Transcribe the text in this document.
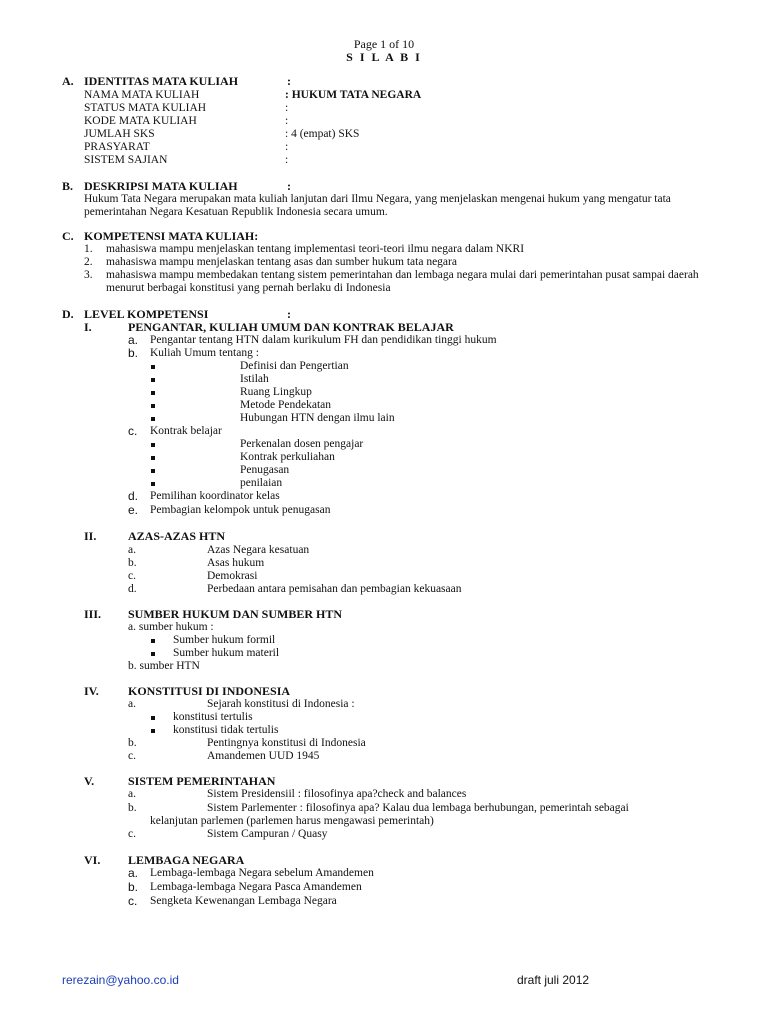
Page 1 of 10
S I L A B I
A. IDENTITAS MATA KULIAH	:
NAMA MATA KULIAH	: HUKUM TATA NEGARA
STATUS MATA KULIAH	:
KODE MATA KULIAH	:
JUMLAH SKS	: 4 (empat) SKS
PRASYARAT	:
SISTEM SAJIAN	:
B. DESKRIPSI MATA KULIAH	:
Hukum Tata Negara merupakan mata kuliah lanjutan dari Ilmu Negara, yang menjelaskan mengenai hukum yang mengatur tata pemerintahan Negara Kesatuan Republik Indonesia secara umum.
C. KOMPETENSI MATA KULIAH:
1. mahasiswa mampu menjelaskan tentang implementasi teori-teori ilmu negara dalam NKRI
2. mahasiswa mampu menjelaskan tentang asas dan sumber hukum tata negara
3. mahasiswa mampu membedakan tentang sistem pemerintahan dan lembaga negara mulai dari pemerintahan pusat sampai daerah menurut berbagai konstitusi yang pernah berlaku di Indonesia
D. LEVEL KOMPETENSI	:
I.	PENGANTAR, KULIAH UMUM DAN KONTRAK BELAJAR
a. Pengantar tentang HTN dalam kurikulum FH dan pendidikan tinggi hukum
b. Kuliah Umum tentang :
Definisi dan Pengertian
Istilah
Ruang Lingkup
Metode Pendekatan
Hubungan HTN dengan ilmu lain
c. Kontrak belajar
Perkenalan dosen pengajar
Kontrak perkuliahan
Penugasan
penilaian
d. Pemilihan koordinator kelas
e. Pembagian kelompok untuk penugasan
II.	AZAS-AZAS HTN
a.	Azas Negara kesatuan
b.	Asas hukum
c.	Demokrasi
d.	Perbedaan antara pemisahan dan pembagian kekuasaan
III. SUMBER HUKUM DAN SUMBER HTN
a. sumber hukum :
Sumber hukum formil
Sumber hukum materil
b. sumber HTN
IV. KONSTITUSI DI INDONESIA
a.	Sejarah konstitusi di Indonesia :
konstitusi tertulis
konstitusi tidak tertulis
b.	Pentingnya konstitusi di Indonesia
c.	Amandemen UUD 1945
V.	SISTEM PEMERINTAHAN
a.	Sistem Presidensiil : filosofinya apa?check and balances
b.	Sistem Parlementer : filosofinya apa? Kalau dua lembaga berhubungan, pemerintah sebagai
kelanjutan parlemen (parlemen harus mengawasi pemerintah)
c.	Sistem Campuran / Quasy
VI. LEMBAGA NEGARA
a. Lembaga-lembaga Negara sebelum Amandemen
b. Lembaga-lembaga Negara Pasca Amandemen
c. Sengketa Kewenangan Lembaga Negara
rerezain@yahoo.co.id	draft juli 2012
